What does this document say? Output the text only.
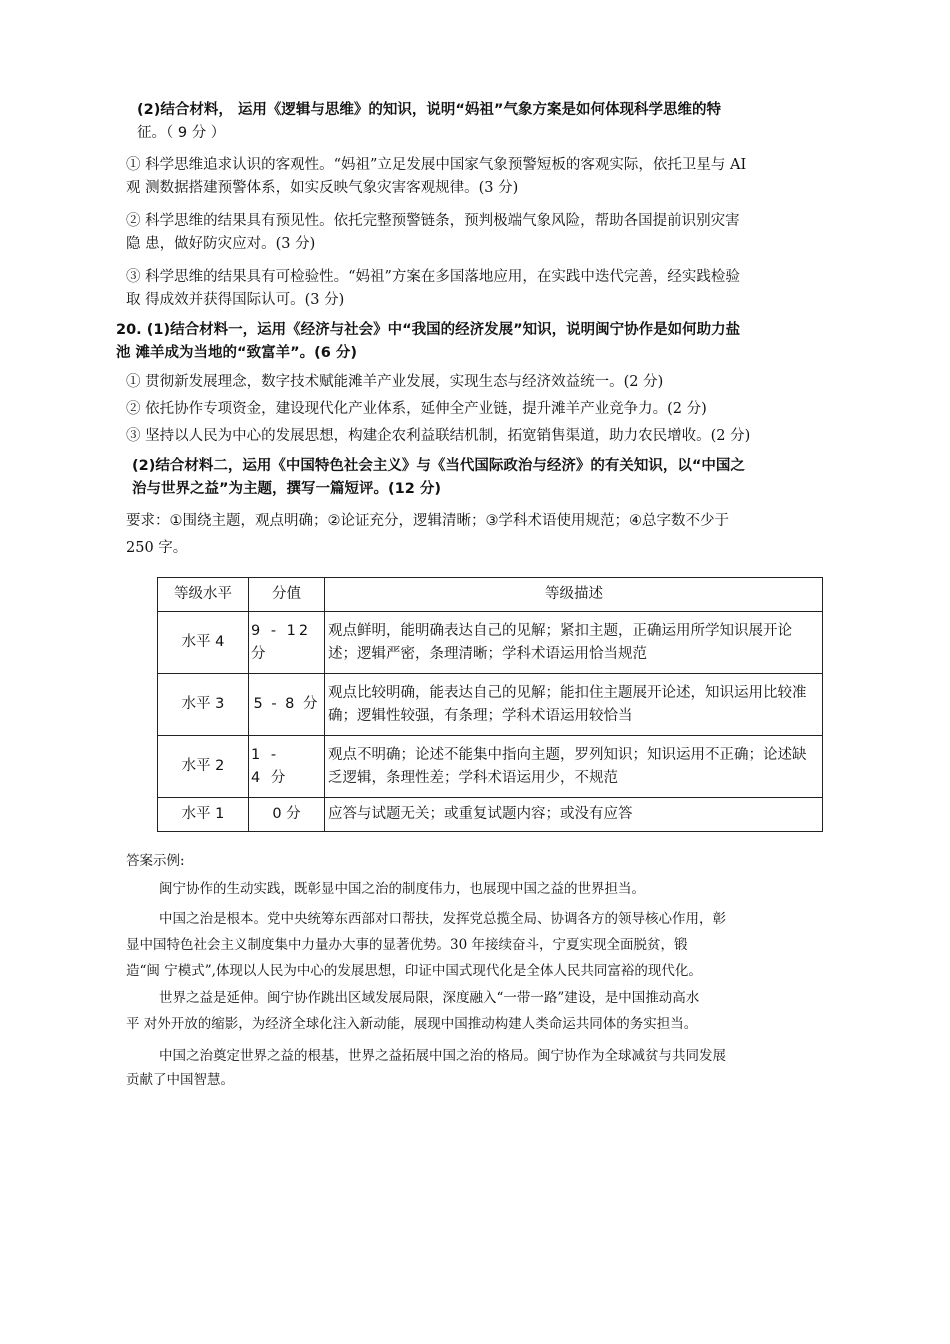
(2)结合材料， 运用《逻辑与思维》的知识，说明“妈祖”气象方案是如何体现科学思维的特
征。（ 9 分 ）
① 科学思维追求认识的客观性。“妈祖”立足发展中国家气象预警短板的客观实际，依托卫星与 AI
观 测数据搭建预警体系，如实反映气象灾害客观规律。(3 分)
② 科学思维的结果具有预见性。依托完整预警链条，预判极端气象风险，帮助各国提前识别灾害
隐 患，做好防灾应对。(3 分)
③ 科学思维的结果具有可检验性。“妈祖”方案在多国落地应用，在实践中迭代完善，经实践检验
取 得成效并获得国际认可。(3 分)
20. (1)结合材料一，运用《经济与社会》中“我国的经济发展”知识，说明闽宁协作是如何助力盐
池 滩羊成为当地的“致富羊”。(6 分)
① 贯彻新发展理念，数字技术赋能滩羊产业发展，实现生态与经济效益统一。(2 分)
② 依托协作专项资金，建设现代化产业体系，延伸全产业链，提升滩羊产业竞争力。(2 分)
③ 坚持以人民为中心的发展思想，构建企农利益联结机制，拓宽销售渠道，助力农民增收。(2 分)
(2)结合材料二，运用《中国特色社会主义》与《当代国际政治与经济》的有关知识，以“中国之
治与世界之益”为主题，撰写一篇短评。(12 分)
要求：①围绕主题，观点明确；②论证充分，逻辑清晰；③学科术语使用规范；④总字数不少于
250 字。
等级水平	分值	等级描述
水平 4	9 - 12 分	观点鲜明，能明确表达自己的见解；紧扣主题，正确运用所学知识展开论述；逻辑严密，条理清晰；学科术语运用恰当规范
水平 3	5 - 8 分	观点比较明确，能表达自己的见解；能扣住主题展开论述，知识运用比较准确；逻辑性较强，有条理；学科术语运用较恰当
水平 2	1 - 4 分	观点不明确；论述不能集中指向主题，罗列知识；知识运用不正确；论述缺乏逻辑，条理性差；学科术语运用少，不规范
水平 1	0 分	应答与试题无关；或重复试题内容；或没有应答
答案示例:
闽宁协作的生动实践，既彰显中国之治的制度伟力，也展现中国之益的世界担当。
中国之治是根本。党中央统筹东西部对口帮扶，发挥党总揽全局、协调各方的领导核心作用，彰
显中国特色社会主义制度集中力量办大事的显著优势。30 年接续奋斗，宁夏实现全面脱贫，锻
造“闽 宁模式”,体现以人民为中心的发展思想，印证中国式现代化是全体人民共同富裕的现代化。
世界之益是延伸。闽宁协作跳出区域发展局限，深度融入“一带一路”建设，是中国推动高水
平 对外开放的缩影，为经济全球化注入新动能，展现中国推动构建人类命运共同体的务实担当。
中国之治奠定世界之益的根基，世界之益拓展中国之治的格局。闽宁协作为全球减贫与共同发展
贡献了中国智慧。
